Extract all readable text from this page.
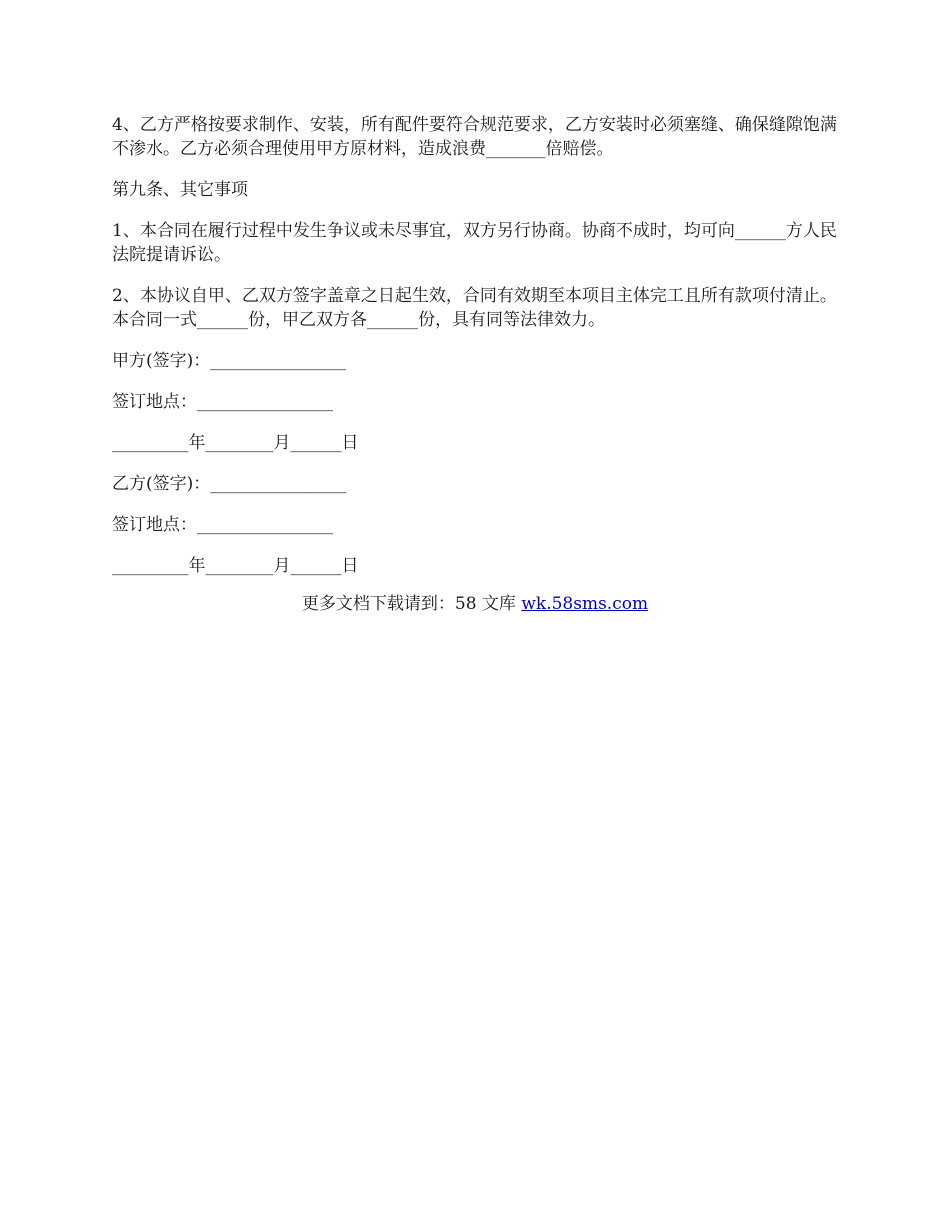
4、乙方严格按要求制作、安装，所有配件要符合规范要求，乙方安装时必须塞缝、确保缝隙饱满不渗水。乙方必须合理使用甲方原材料，造成浪费_______倍赔偿。

第九条、其它事项

1、本合同在履行过程中发生争议或未尽事宜，双方另行协商。协商不成时，均可向______方人民法院提请诉讼。

2、本协议自甲、乙双方签字盖章之日起生效，合同有效期至本项目主体完工且所有款项付清止。本合同一式______份，甲乙双方各______份，具有同等法律效力。

甲方(签字)：________________

签订地点：________________

_________年________月______日

乙方(签字)：________________

签订地点：________________

_________年________月______日

更多文档下载请到：58 文库 wk.58sms.com
